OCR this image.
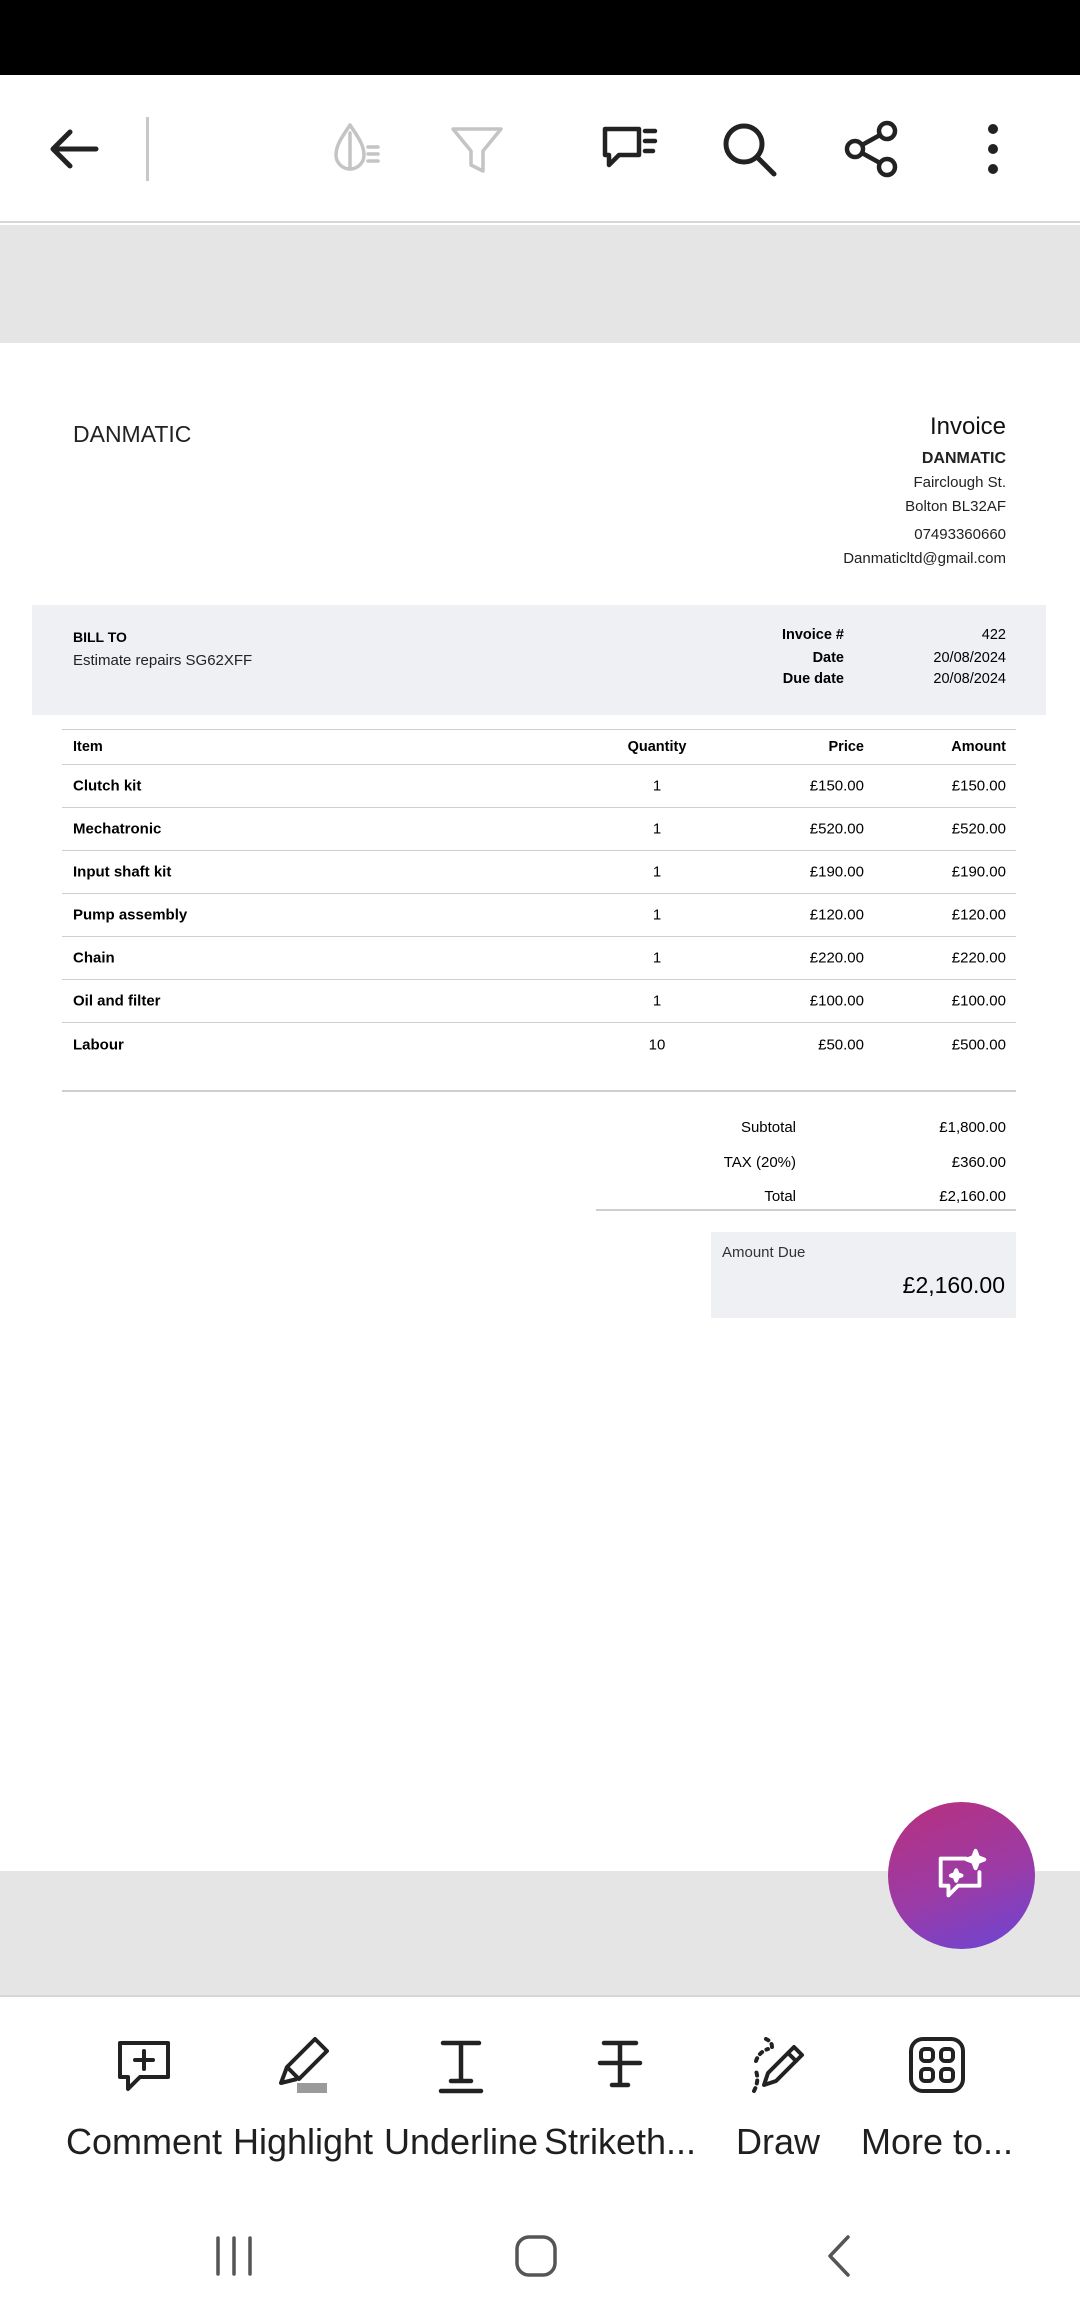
DANMATIC	Invoice
DANMATIC
Fairclough St.
Bolton BL32AF
07493360660
Danmaticltd@gmail.com
BILL TO
Estimate repairs SG62XFF
Invoice #	422
Date	20/08/2024
Due date	20/08/2024
Item	Quantity	Price	Amount
Clutch kit	1	£150.00	£150.00
Mechatronic	1	£520.00	£520.00
Input shaft kit	1	£190.00	£190.00
Pump assembly	1	£120.00	£120.00
Chain	1	£220.00	£220.00
Oil and filter	1	£100.00	£100.00
Labour	10	£50.00	£500.00
Subtotal	£1,800.00
TAX (20%)	£360.00
Total	£2,160.00
Amount Due
£2,160.00
Comment Highlight Underline Striketh...	Draw	More to...
